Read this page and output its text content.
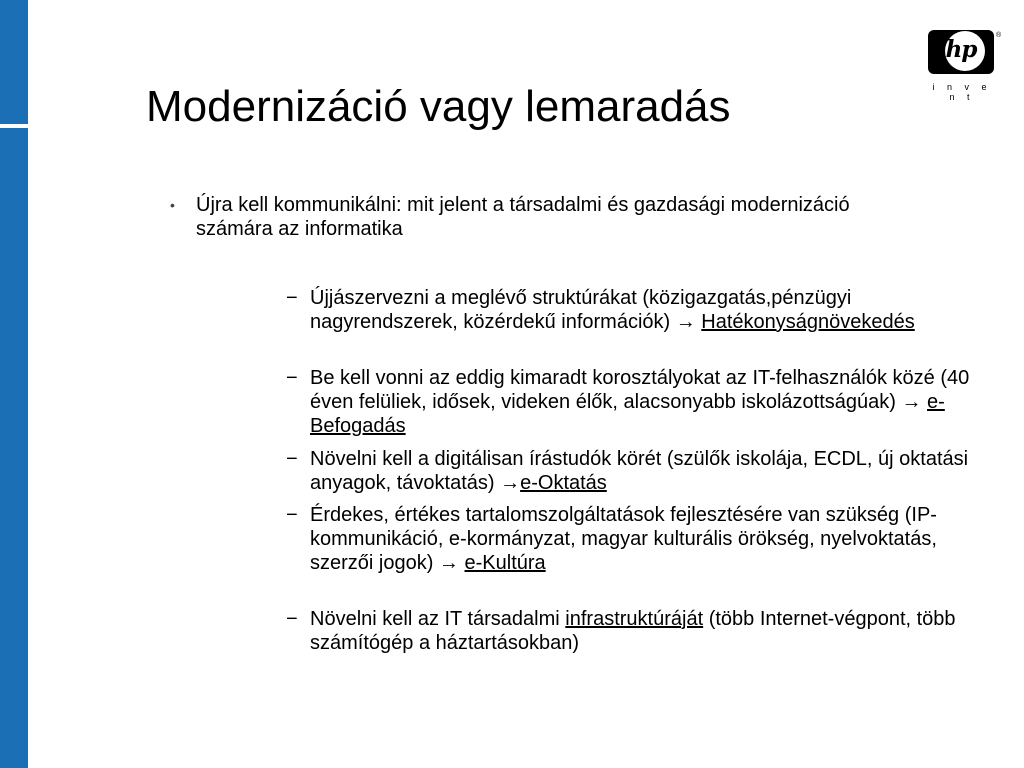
hp
®
i n v e n t
Modernizáció vagy lemaradás
• Újra kell kommunikálni: mit jelent a társadalmi és gazdasági modernizáció számára az informatika
− Újjászervezni a meglévő struktúrákat (közigazgatás,pénzügyi nagyrendszerek, közérdekű információk) → Hatékonyságnövekedés
− Be kell vonni az eddig kimaradt korosztályokat az IT-felhasználók közé (40 éven felüliek, idősek, videken élők, alacsonyabb iskolázottságúak) → e-Befogadás
− Növelni kell a digitálisan írástudók körét (szülők iskolája, ECDL, új oktatási anyagok, távoktatás) →e-Oktatás
− Érdekes, értékes tartalomszolgáltatások fejlesztésére van szükség (IP-kommunikáció, e-kormányzat, magyar kulturális örökség, nyelvoktatás, szerzői jogok) → e-Kultúra
− Növelni kell az IT társadalmi infrastruktúráját (több Internet-végpont, több számítógép a háztartásokban)
